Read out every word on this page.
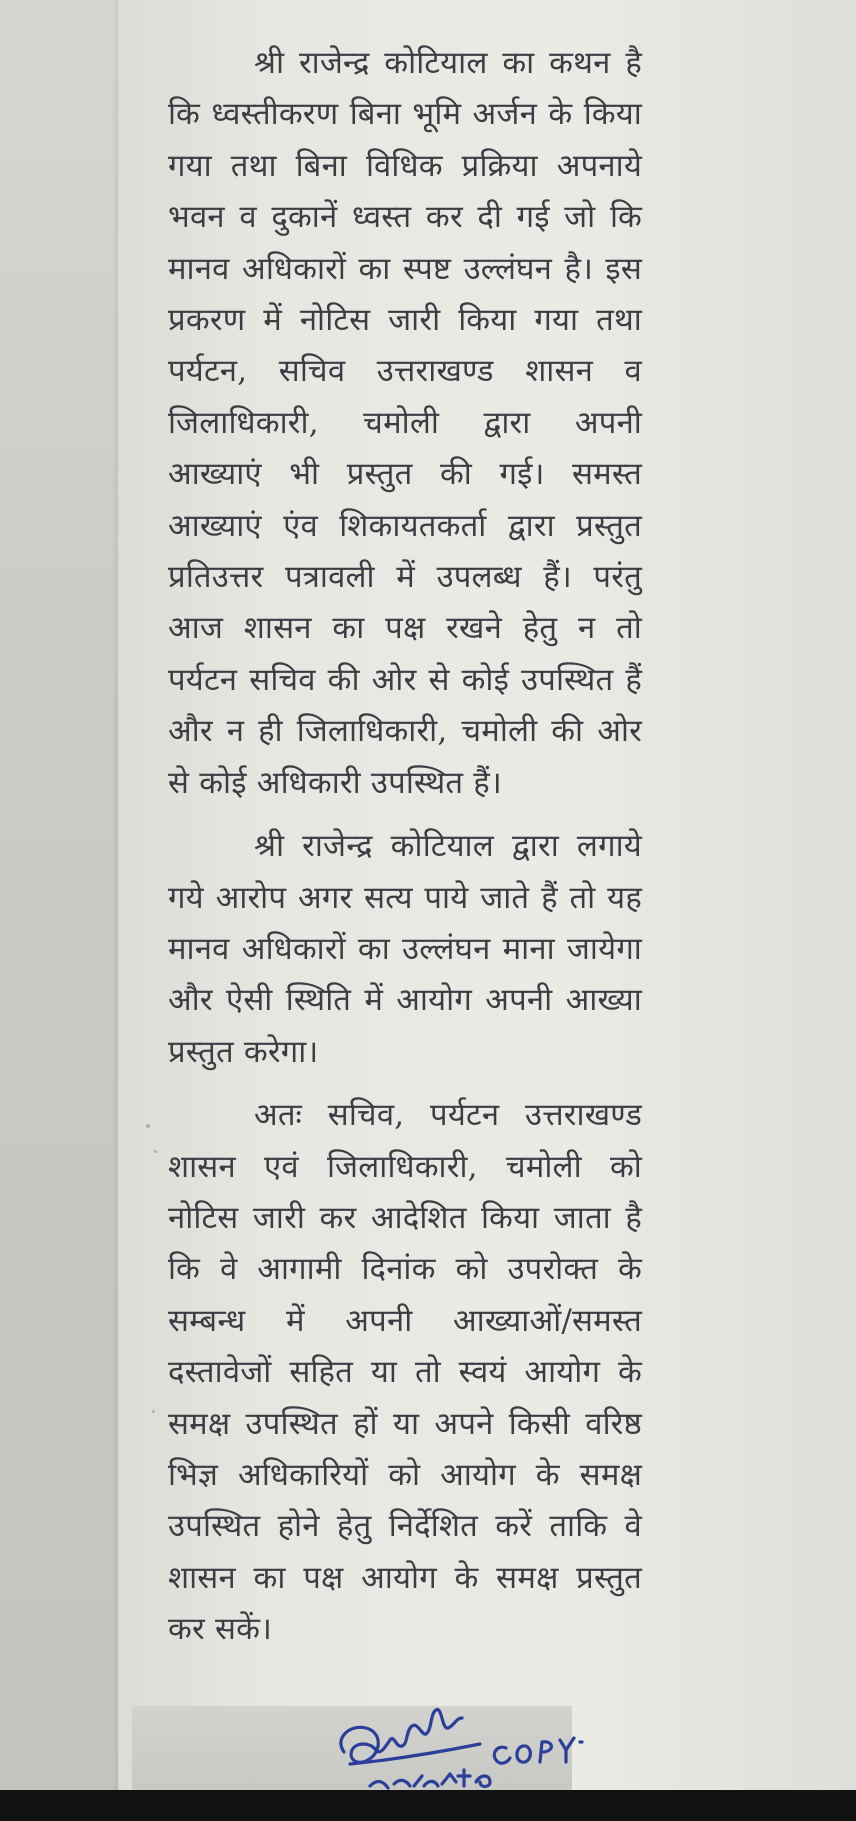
श्री राजेन्द्र कोटियाल का कथन है कि ध्वस्तीकरण बिना भूमि अर्जन के किया गया तथा बिना विधिक प्रक्रिया अपनाये भवन व दुकानें ध्वस्त कर दी गई जो कि मानव अधिकारों का स्पष्ट उल्लंघन है। इस प्रकरण में नोटिस जारी किया गया तथा पर्यटन, सचिव उत्तराखण्ड शासन व जिलाधिकारी, चमोली द्वारा अपनी आख्याएं भी प्रस्तुत की गई। समस्त आख्याएं एंव शिकायतकर्ता द्वारा प्रस्तुत प्रतिउत्तर पत्रावली में उपलब्ध हैं। परंतु आज शासन का पक्ष रखने हेतु न तो पर्यटन सचिव की ओर से कोई उपस्थित हैं और न ही जिलाधिकारी, चमोली की ओर से कोई अधिकारी उपस्थित हैं।

श्री राजेन्द्र कोटियाल द्वारा लगाये गये आरोप अगर सत्य पाये जाते हैं तो यह मानव अधिकारों का उल्लंघन माना जायेगा और ऐसी स्थिति में आयोग अपनी आख्या प्रस्तुत करेगा।

अतः सचिव, पर्यटन उत्तराखण्ड शासन एवं जिलाधिकारी, चमोली को नोटिस जारी कर आदेशित किया जाता है कि वे आगामी दिनांक को उपरोक्त के सम्बन्ध में अपनी आख्याओं/समस्त दस्तावेजों सहित या तो स्वयं आयोग के समक्ष उपस्थित हों या अपने किसी वरिष्ठ भिज्ञ अधिकारियों को आयोग के समक्ष उपस्थित होने हेतु निर्देशित करें ताकि वे शासन का पक्ष आयोग के समक्ष प्रस्तुत कर सकें।
